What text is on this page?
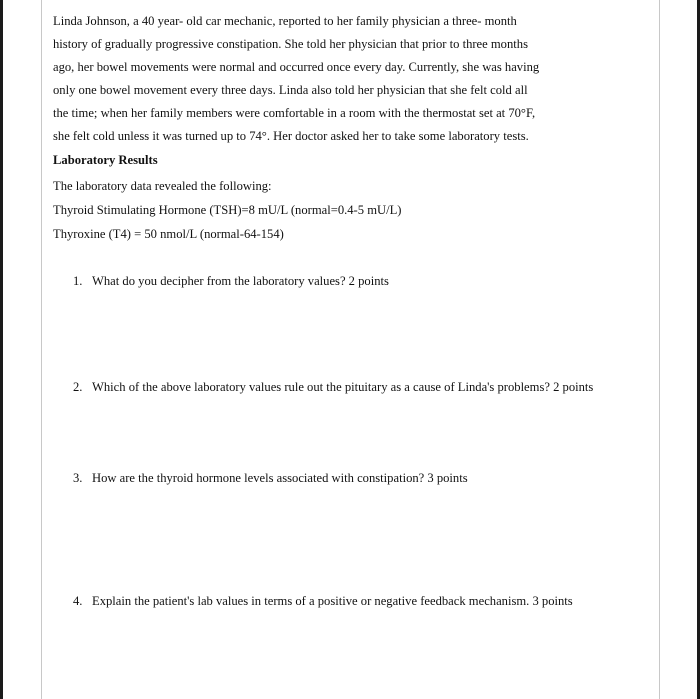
Linda Johnson, a 40 year- old car mechanic, reported to her family physician a three- month
history of gradually progressive constipation. She told her physician that prior to three months
ago, her bowel movements were normal and occurred once every day. Currently, she was having
only one bowel movement every three days. Linda also told her physician that she felt cold all
the time; when her family members were comfortable in a room with the thermostat set at 70°F,
she felt cold unless it was turned up to 74°. Her doctor asked her to take some laboratory tests.
Laboratory Results
The laboratory data revealed the following:
Thyroid Stimulating Hormone (TSH)=8 mU/L (normal=0.4-5 mU/L)
Thyroxine (T4) = 50 nmol/L (normal-64-154)
1. What do you decipher from the laboratory values? 2 points
2. Which of the above laboratory values rule out the pituitary as a cause of Linda's problems? 2 points
3. How are the thyroid hormone levels associated with constipation? 3 points
4. Explain the patient's lab values in terms of a positive or negative feedback mechanism. 3 points
